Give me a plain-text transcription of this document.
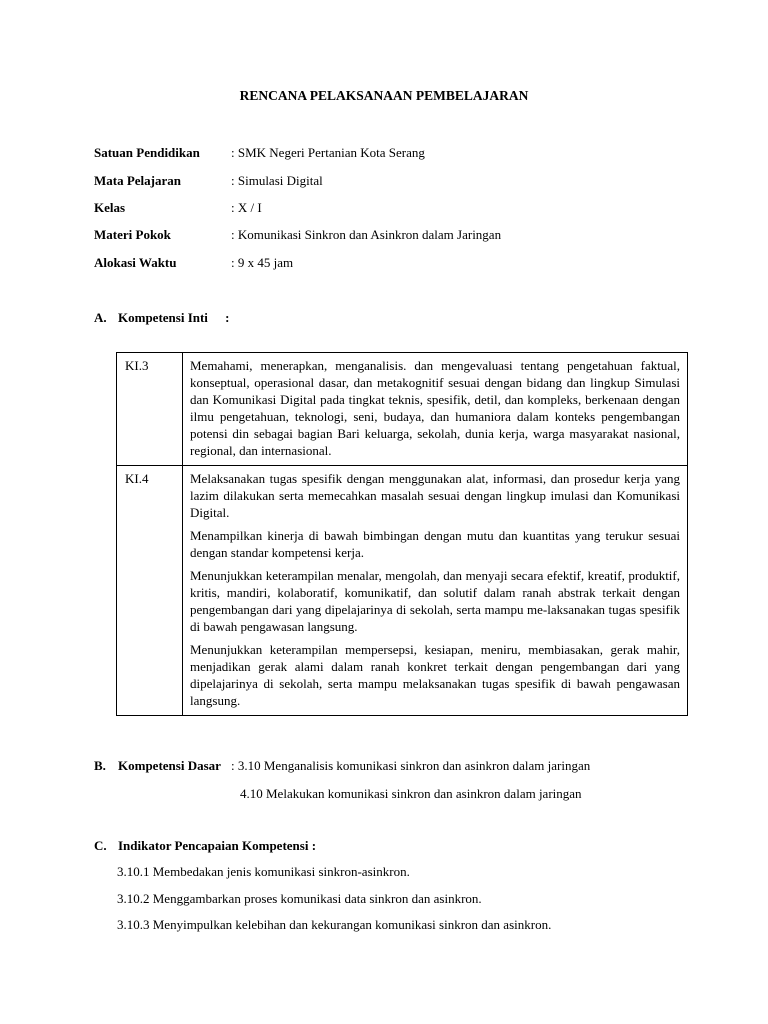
RENCANA PELAKSANAAN PEMBELAJARAN
Satuan Pendidikan	: SMK Negeri Pertanian Kota Serang
Mata Pelajaran	: Simulasi Digital
Kelas	: X / I
Materi Pokok	: Komunikasi Sinkron dan Asinkron dalam Jaringan
Alokasi Waktu	: 9 x 45 jam
A. Kompetensi Inti :
KI.3	Memahami, menerapkan, menganalisis. dan mengevaluasi tentang pengetahuan faktual, konseptual, operasional dasar, dan metakognitif sesuai dengan bidang dan lingkup Simulasi dan Komunikasi Digital pada tingkat teknis, spesifik, detil, dan kompleks, berkenaan dengan ilmu pengetahuan, teknologi, seni, budaya, dan humaniora dalam konteks pengembangan potensi din sebagai bagian Bari keluarga, sekolah, dunia kerja, warga masyarakat nasional, regional, dan internasional.

KI.4	Melaksanakan tugas spesifik dengan menggunakan alat, informasi, dan prosedur kerja yang lazim dilakukan serta memecahkan masalah sesuai dengan lingkup imulasi dan Komunikasi Digital.

Menampilkan kinerja di bawah bimbingan dengan mutu dan kuantitas yang terukur sesuai dengan standar kompetensi kerja.

Menunjukkan keterampilan menalar, mengolah, dan menyaji secara efektif, kreatif, produktif, kritis, mandiri, kolaboratif, komunikatif, dan solutif dalam ranah abstrak terkait dengan pengembangan dari yang dipelajarinya di sekolah, serta mampu me-laksanakan tugas spesifik di bawah pengawasan langsung.

Menunjukkan keterampilan mempersepsi, kesiapan, meniru, membiasakan, gerak mahir, menjadikan gerak alami dalam ranah konkret terkait dengan pengembangan dari yang dipelajarinya di sekolah, serta mampu melaksanakan tugas spesifik di bawah pengawasan langsung.

B. Kompetensi Dasar : 3.10 Menganalisis komunikasi sinkron dan asinkron dalam jaringan
4.10 Melakukan komunikasi sinkron dan asinkron dalam jaringan
C. Indikator Pencapaian Kompetensi :
3.10.1 Membedakan jenis komunikasi sinkron-asinkron.
3.10.2 Menggambarkan proses komunikasi data sinkron dan asinkron.
3.10.3 Menyimpulkan kelebihan dan kekurangan komunikasi sinkron dan asinkron.
